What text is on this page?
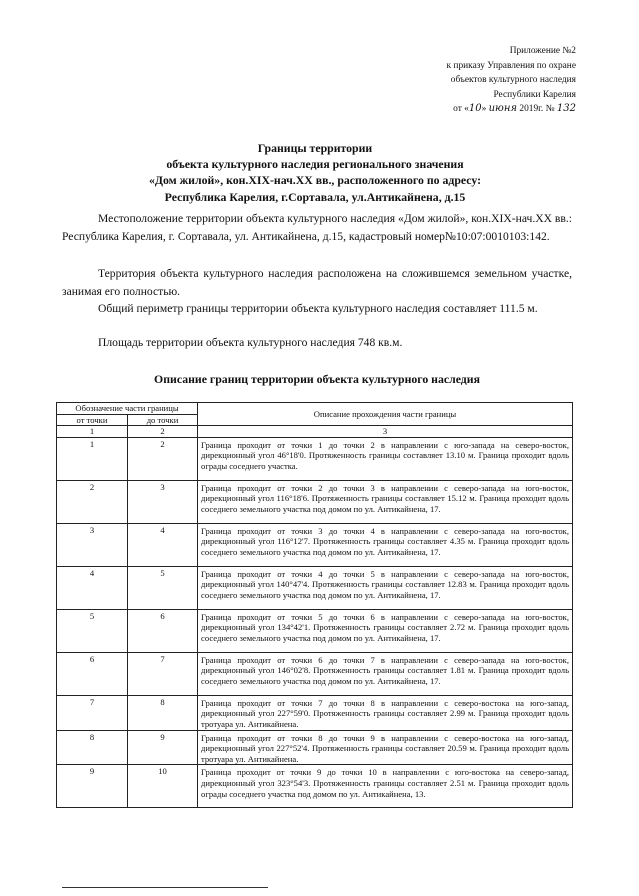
Приложение №2
к приказу Управления по охране
объектов культурного наследия
Республики Карелия
от «10» июня 2019г. № 132
Границы территории
объекта культурного наследия регионального значения
«Дом жилой», кон.XIX-нач.XX вв., расположенного по адресу:
Республика Карелия, г.Сортавала, ул.Антикайнена, д.15
Местоположение территории объекта культурного наследия «Дом жилой», кон.XIX-нач.XX вв.: Республика Карелия, г. Сортавала, ул. Антикайнена, д.15, кадастровый номер№10:07:0010103:142.
Территория объекта культурного наследия расположена на сложившемся земельном участке, занимая его полностью.
Общий периметр границы территории объекта культурного наследия составляет 111.5 м.
Площадь территории объекта культурного наследия 748 кв.м.
Описание границ территории объекта культурного наследия
Обозначение части границы		Описание прохождения части границы
от точки	до точки	
1	2	3
1	2	Граница проходит от точки 1 до точки 2 в направлении с юго-запада на северо-восток, дирекционный угол 46°18'0. Протяженность границы составляет 13.10 м. Граница проходит вдоль ограды соседнего участка.
2	3	Граница проходит от точки 2 до точки 3 в направлении с северо-запада на юго-восток, дирекционный угол 116°18'6. Протяженность границы составляет 15.12 м. Граница проходит вдоль соседнего земельного участка под домом по ул. Антикайнена, 17.
3	4	Граница проходит от точки 3 до точки 4 в направлении с северо-запада на юго-восток, дирекционный угол 116°12'7. Протяженность границы составляет 4.35 м. Граница проходит вдоль соседнего земельного участка под домом по ул. Антикайнена, 17.
4	5	Граница проходит от точки 4 до точки 5 в направлении с северо-запада на юго-восток, дирекционный угол 140°47'4. Протяженность границы составляет 12.83 м. Граница проходит вдоль соседнего земельного участка под домом по ул. Антикайнена, 17.
5	6	Граница проходит от точки 5 до точки 6 в направлении с северо-запада на юго-восток, дирекционный угол 134°42'1. Протяженность границы составляет 2.72 м. Граница проходит вдоль соседнего земельного участка под домом по ул. Антикайнена, 17.
6	7	Граница проходит от точки 6 до точки 7 в направлении с северо-запада на юго-восток, дирекционный угол 146°02'8. Протяженность границы составляет 1.81 м. Граница проходит вдоль соседнего земельного участка под домом по ул. Антикайнена, 17.
7	8	Граница проходит от точки 7 до точки 8 в направлении с северо-востока на юго-запад, дирекционный угол 227°59'0. Протяженность границы составляет 2.99 м. Граница проходит вдоль тротуара ул. Антикайнена.
8	9	Граница проходит от точки 8 до точки 9 в направлении с северо-востока на юго-запад, дирекционный угол 227°52'4. Протяженность границы составляет 20.59 м. Граница проходит вдоль тротуара ул. Антикайнена.
9	10	Граница проходит от точки 9 до точки 10 в направлении с юго-востока на северо-запад, дирекционный угол 323°54'3. Протяженность границы составляет 2.51 м. Граница проходит вдоль ограды соседнего участка под домом по ул. Антикайнена, 13.
